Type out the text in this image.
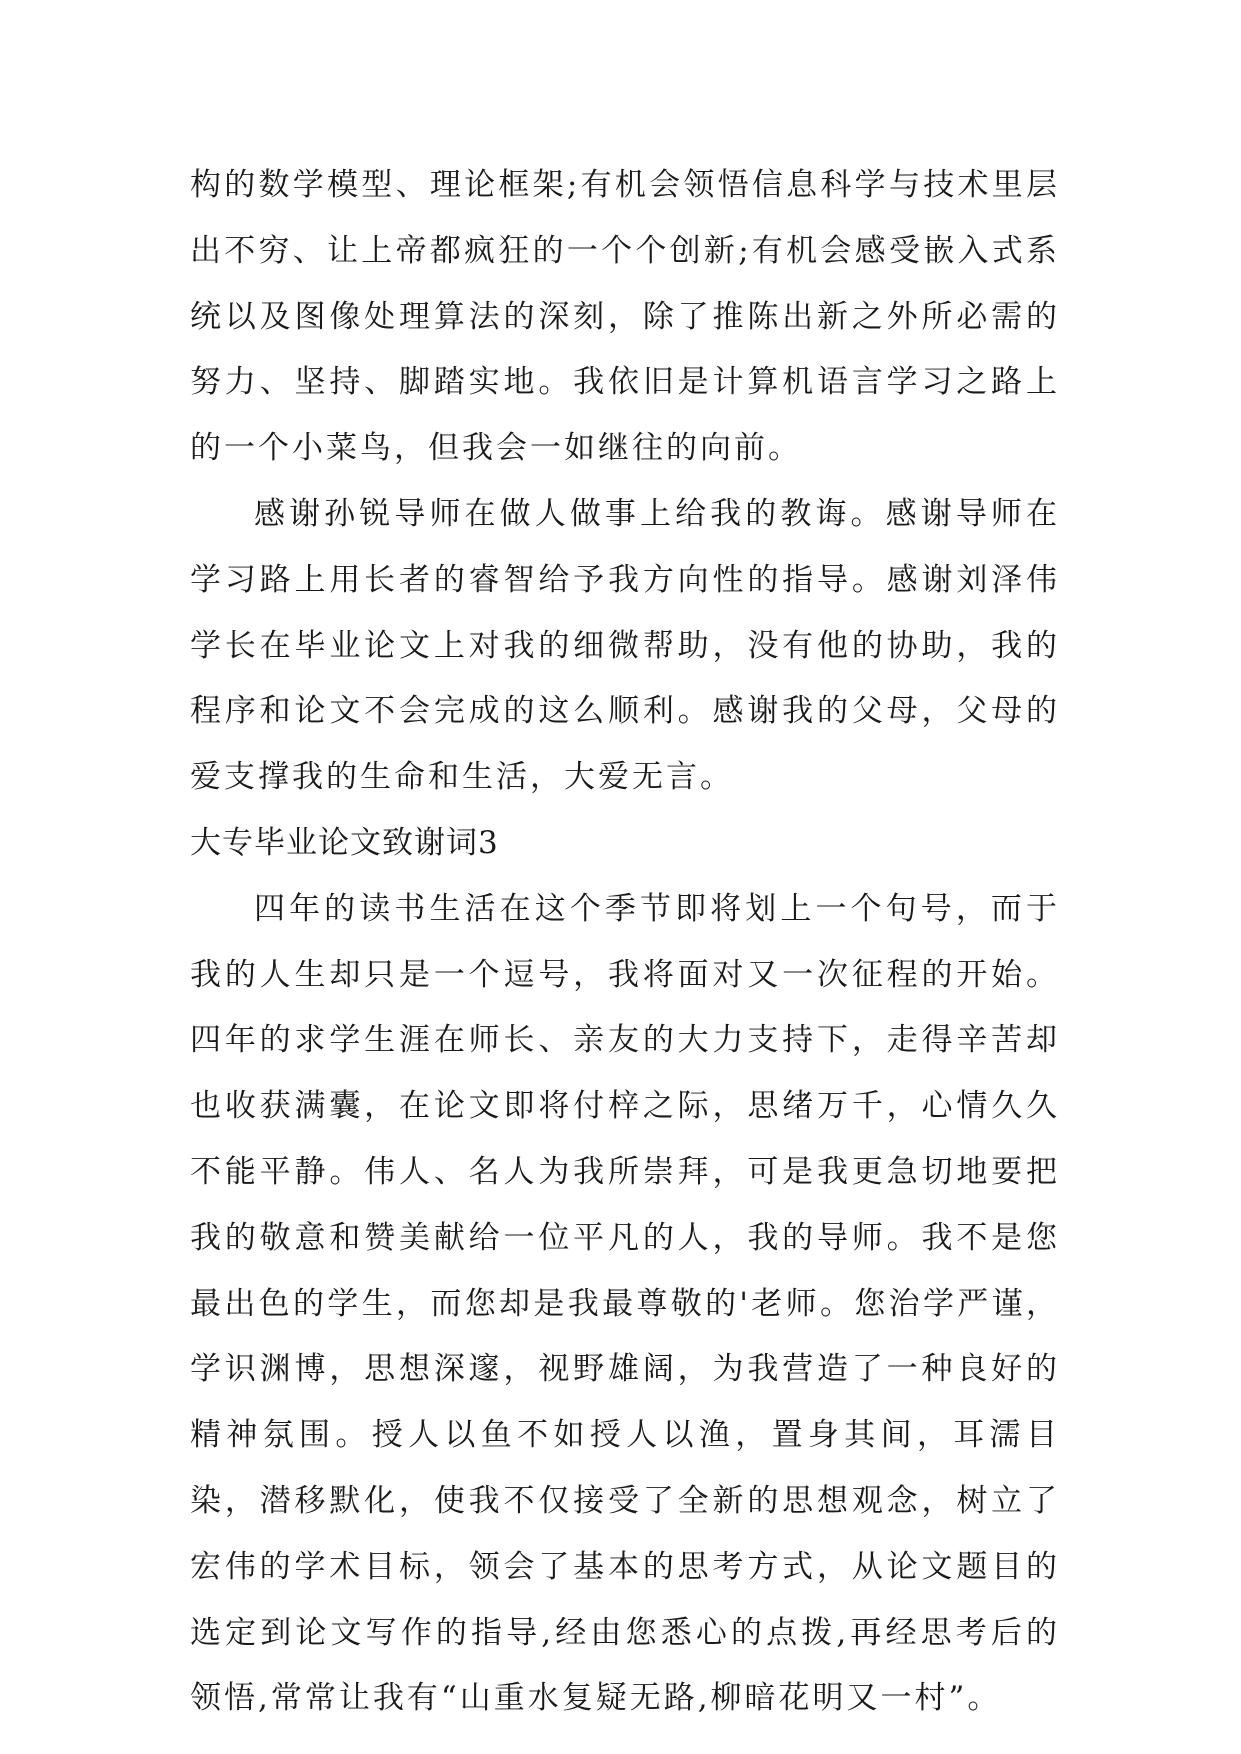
构的数学模型、理论框架;有机会领悟信息科学与技术里层出不穷、让上帝都疯狂的一个个创新;有机会感受嵌入式系统以及图像处理算法的深刻，除了推陈出新之外所必需的努力、坚持、脚踏实地。我依旧是计算机语言学习之路上的一个小菜鸟，但我会一如继往的向前。

感谢孙锐导师在做人做事上给我的教诲。感谢导师在学习路上用长者的睿智给予我方向性的指导。感谢刘泽伟学长在毕业论文上对我的细微帮助，没有他的协助，我的程序和论文不会完成的这么顺利。感谢我的父母，父母的爱支撑我的生命和生活，大爱无言。

大专毕业论文致谢词3

四年的读书生活在这个季节即将划上一个句号，而于我的人生却只是一个逗号，我将面对又一次征程的开始。四年的求学生涯在师长、亲友的大力支持下，走得辛苦却也收获满囊，在论文即将付梓之际，思绪万千，心情久久不能平静。伟人、名人为我所崇拜，可是我更急切地要把我的敬意和赞美献给一位平凡的人，我的导师。我不是您最出色的学生，而您却是我最尊敬的'老师。您治学严谨，学识渊博，思想深邃，视野雄阔，为我营造了一种良好的精神氛围。授人以鱼不如授人以渔，置身其间，耳濡目染，潜移默化，使我不仅接受了全新的思想观念，树立了宏伟的学术目标，领会了基本的思考方式，从论文题目的选定到论文写作的指导,经由您悉心的点拨,再经思考后的领悟,常常让我有“山重水复疑无路,柳暗花明又一村”。
